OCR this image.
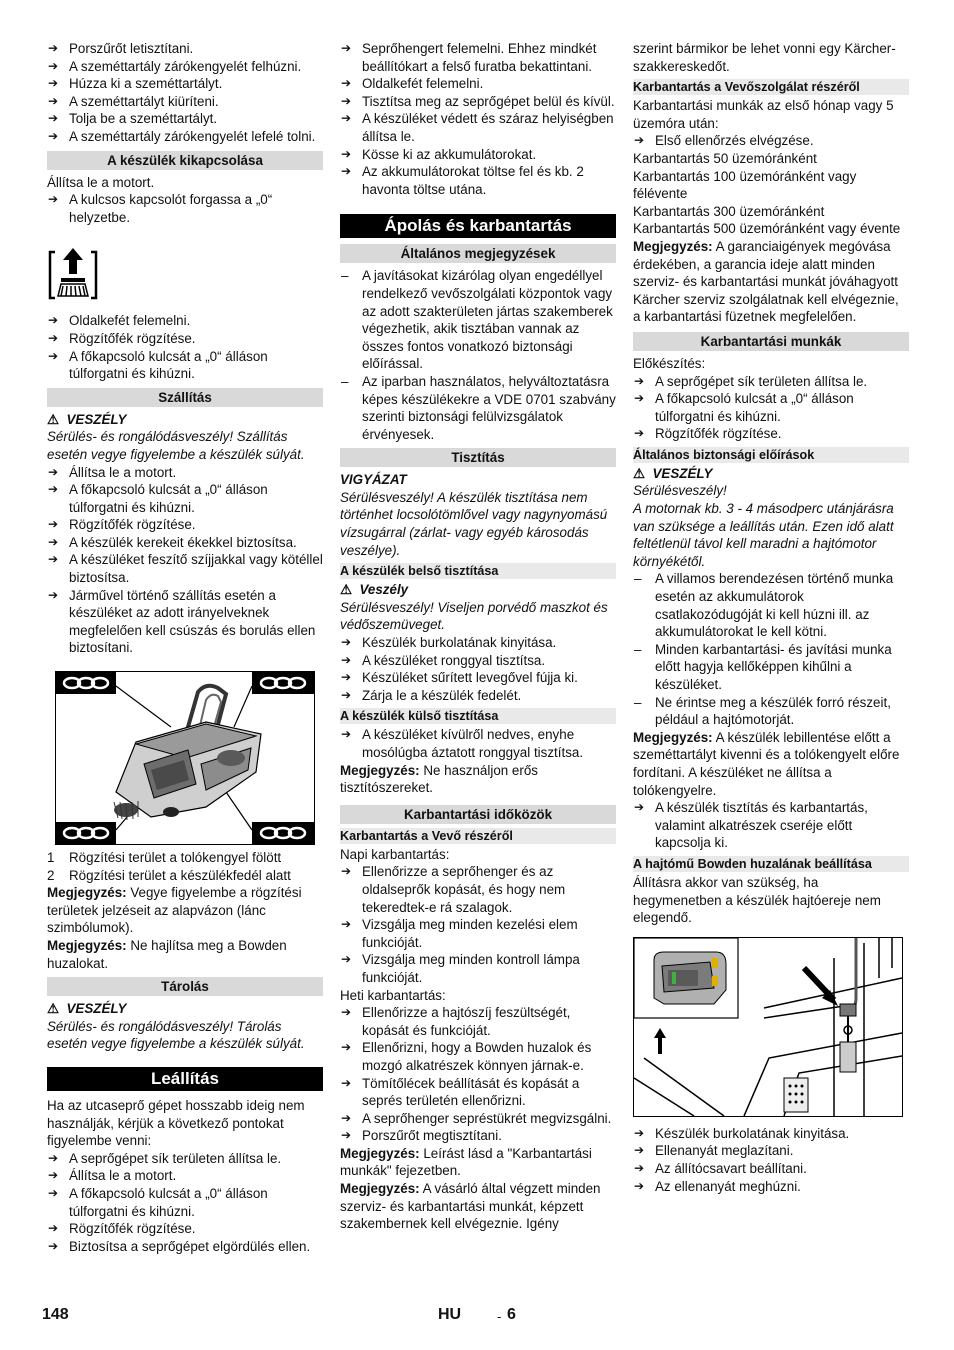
➔ Porszűrőt letisztítani.

➔ A szeméttartály zárókengyelét felhúzni.

➔ Húzza ki a szeméttartályt.

➔ A szeméttartályt kiüríteni.

➔ Tolja be a szeméttartályt.

➔ A szeméttartály zárókengyelét lefelé tolni.

A készülék kikapcsolása

Állítsa le a motort.

➔ A kulcsos kapcsolót forgassa a „0“ helyzetbe.

➔ Oldalkefét felemelni.

➔ Rögzítőfék rögzítése.

➔ A főkapcsoló kulcsát a „0“ álláson túlforgatni és kihúzni.

Szállítás

⚠ VESZÉLY

Sérülés- és rongálódásveszély! Szállítás esetén vegye figyelembe a készülék súlyát.

➔ Állítsa le a motort.

➔ A főkapcsoló kulcsát a „0“ álláson túlforgatni és kihúzni.

➔ Rögzítőfék rögzítése.

➔ A készülék kerekeit ékekkel biztosítsa.

➔ A készüléket feszítő szíjjakkal vagy kötéllel biztosítsa.

➔ Járművel történő szállítás esetén a készüléket az adott irányelveknek megfelelően kell csúszás és borulás ellen biztosítani.

1 Rögzítési terület a tolókengyel fölött

2 Rögzítési terület a készülékfedél alatt

Megjegyzés: Vegye figyelembe a rögzítési területek jelzéseit az alapvázon (lánc szimbólumok).

Megjegyzés: Ne hajlítsa meg a Bowden huzalokat.

Tárolás

⚠ VESZÉLY

Sérülés- és rongálódásveszély! Tárolás esetén vegye figyelembe a készülék súlyát.

Leállítás

Ha az utcaseprő gépet hosszabb ideig nem használják, kérjük a következő pontokat figyelembe venni:

➔ A seprőgépet sík területen állítsa le.

➔ Állítsa le a motort.

➔ A főkapcsoló kulcsát a „0“ álláson túlforgatni és kihúzni.

➔ Rögzítőfék rögzítése.

➔ Biztosítsa a seprőgépet elgördülés ellen.

➔ Seprőhengert felemelni. Ehhez mindkét beállítókart a felső furatba bekattintani.

➔ Oldalkefét felemelni.

➔ Tisztítsa meg az seprőgépet belül és kívül.

➔ A készüléket védett és száraz helyiségben állítsa le.

➔ Kösse ki az akkumulátorokat.

➔ Az akkumulátorokat töltse fel és kb. 2 havonta töltse utána.

Ápolás és karbantartás
Általános megjegyzések

– A javításokat kizárólag olyan engedéllyel rendelkező vevőszolgálati központok vagy az adott szakterületen jártas szakemberek végezhetik, akik tisztában vannak az összes fontos vonatkozó biztonsági előírással.

– Az iparban használatos, helyváltoztatásra képes készülékekre a VDE 0701 szabvány szerinti biztonsági felülvizsgálatok érvényesek.

Tisztítás

VIGYÁZAT

Sérülésveszély! A készülék tisztítása nem történhet locsolótömlővel vagy nagynyomású vízsugárral (zárlat- vagy egyéb károsodás veszélye).

A készülék belső tisztítása

⚠ Veszély

Sérülésveszély! Viseljen porvédő maszkot és védőszemüveget.

➔ Készülék burkolatának kinyitása.

➔ A készüléket ronggyal tisztítsa.

➔ Készüléket sűrített levegővel fújja ki.

➔ Zárja le a készülék fedelét.

A készülék külső tisztítása

➔ A készüléket kívülről nedves, enyhe mosólúgba áztatott ronggyal tisztítsa.

Megjegyzés: Ne használjon erős tisztítószereket.

Karbantartási időközök
Karbantartás a Vevő részéről

Napi karbantartás:

➔ Ellenőrizze a seprőhenger és az oldalseprők kopását, és hogy nem tekeredtek-e rá szalagok.

➔ Vizsgálja meg minden kezelési elem funkcióját.

➔ Vizsgálja meg minden kontroll lámpa funkcióját.

Heti karbantartás:

➔ Ellenőrizze a hajtószíj feszültségét, kopását és funkcióját.

➔ Ellenőrizni, hogy a Bowden huzalok és mozgó alkatrészek könnyen járnak-e.

➔ Tömítőlécek beállítását és kopását a seprés területén ellenőrizni.

➔ A seprőhenger sepréstükrét megvizsgálni.

➔ Porszűrőt megtisztítani.

Megjegyzés: Leírást lásd a "Karbantartási munkák" fejezetben.

Megjegyzés: A vásárló által végzett minden szerviz- és karbantartási munkát, képzett szakembernek kell elvégeznie. Igény

szerint bármikor be lehet vonni egy Kärcher-szakkereskedőt.

Karbantartás a Vevőszolgálat részéről

Karbantartási munkák az első hónap vagy 5 üzemóra után:

➔ Első ellenőrzés elvégzése.

Karbantartás 50 üzemóránként

Karbantartás 100 üzemóránként vagy félévente

Karbantartás 300 üzemóránként

Karbantartás 500 üzemóránként vagy évente

Megjegyzés: A garanciaigények megóvása érdekében, a garancia ideje alatt minden szerviz- és karbantartási munkát jóváhagyott Kärcher szerviz szolgálatnak kell elvégeznie, a karbantartási füzetnek megfelelően.

Karbantartási munkák

Előkészítés:

➔ A seprőgépet sík területen állítsa le.

➔ A főkapcsoló kulcsát a „0“ álláson túlforgatni és kihúzni.

➔ Rögzítőfék rögzítése.

Általános biztonsági előírások

⚠ VESZÉLY

Sérülésveszély!
A motornak kb. 3 - 4 másodperc utánjárásra van szüksége a leállítás után. Ezen idő alatt feltétlenül távol kell maradni a hajtómotor környékétől.

– A villamos berendezésen történő munka esetén az akkumulátorok csatlakozódugóját ki kell húzni ill. az akkumulátorokat le kell kötni.

– Minden karbantartási- és javítási munka előtt hagyja kellőképpen kihűlni a készüléket.

– Ne érintse meg a készülék forró részeit, például a hajtómotorját.

Megjegyzés: A készülék lebillentése előtt a szeméttartályt kivenni és a tolókengyelt előre fordítani. A készüléket ne állítsa a tolókengyelre.

➔ A készülék tisztítás és karbantartás, valamint alkatrészek cseréje előtt kapcsolja ki.

A hajtómű Bowden huzalának beállítása

Állításra akkor van szükség, ha hegymenetben a készülék hajtóereje nem elegendő.

➔ Készülék burkolatának kinyitása.

➔ Ellenanyát meglazítani.

➔ Az állítócsavart beállítani.

➔ Az ellenanyát meghúzni.

148	HU	- 6
